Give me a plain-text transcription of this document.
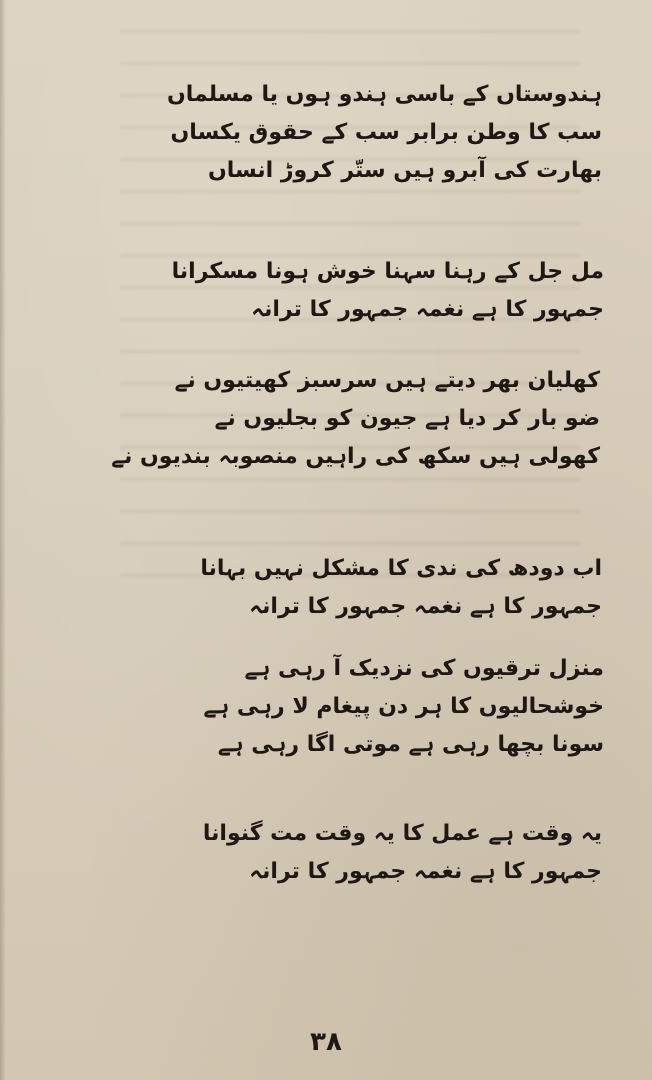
ہندوستاں کے باسی ہندو ہوں یا مسلماں
سب کا وطن برابر سب کے حقوق یکساں
بھارت کی آبرو ہیں ستّر کروڑ انساں
مل جل کے رہنا سہنا خوش ہونا مسکرانا
جمہور کا ہے نغمہ جمہور کا ترانہ
کھلیان بھر دیتے ہیں سرسبز کھیتیوں نے
ضو بار کر دیا ہے جیون کو بجلیوں نے
کھولی ہیں سکھ کی راہیں منصوبہ بندیوں نے
اب دودھ کی ندی کا مشکل نہیں بہانا
جمہور کا ہے نغمہ جمہور کا ترانہ
منزل ترقیوں کی نزدیک آ رہی ہے
خوشحالیوں کا ہر دن پیغام لا رہی ہے
سونا بچھا رہی ہے موتی اگا رہی ہے
یہ وقت ہے عمل کا یہ وقت مت گنوانا
جمہور کا ہے نغمہ جمہور کا ترانہ
۳۸
